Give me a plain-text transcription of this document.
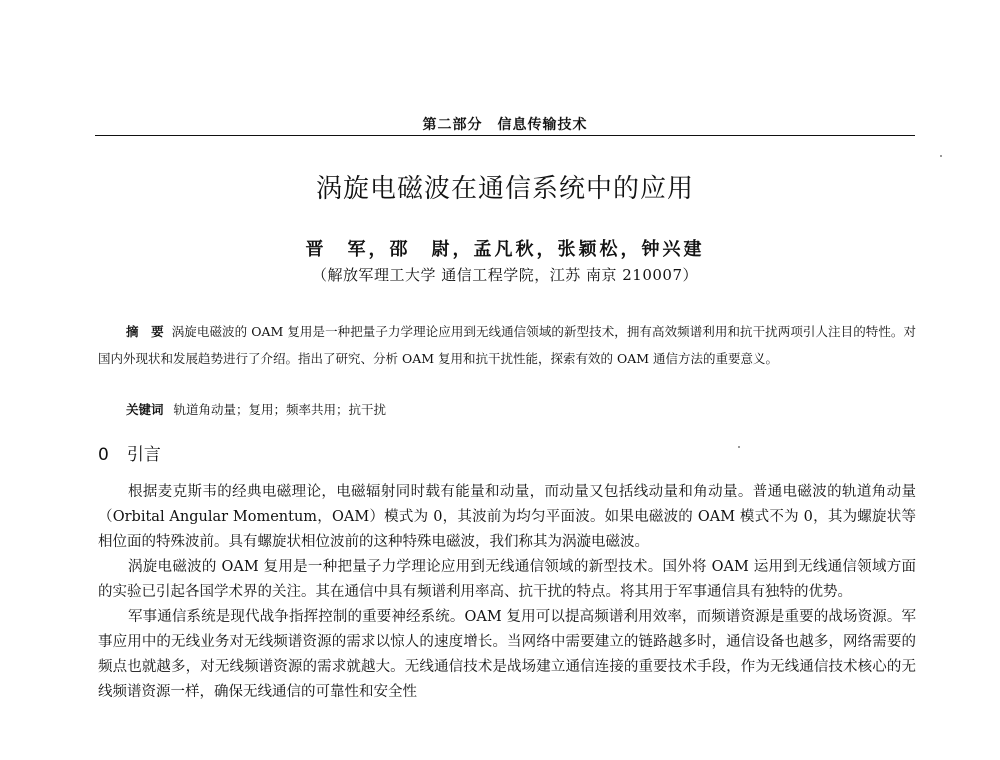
第二部分　信息传输技术
涡旋电磁波在通信系统中的应用
晋　军，邵　尉，孟凡秋，张颖松，钟兴建
（解放军理工大学 通信工程学院，江苏 南京 210007）
摘　要 涡旋电磁波的 OAM 复用是一种把量子力学理论应用到无线通信领域的新型技术，拥有高效频谱利用和抗干扰两项引人注目的特性。对国内外现状和发展趋势进行了介绍。指出了研究、分析 OAM 复用和抗干扰性能，探索有效的 OAM 通信方法的重要意义。
关键词 轨道角动量；复用；频率共用；抗干扰
0 引言

根据麦克斯韦的经典电磁理论，电磁辐射同时载有能量和动量，而动量又包括线动量和角动量。普通电磁波的轨道角动量（Orbital Angular Momentum，OAM）模式为 0，其波前为均匀平面波。如果电磁波的 OAM 模式不为 0，其为螺旋状等相位面的特殊波前。具有螺旋状相位波前的这种特殊电磁波，我们称其为涡漩电磁波。

涡旋电磁波的 OAM 复用是一种把量子力学理论应用到无线通信领域的新型技术。国外将 OAM 运用到无线通信领域方面的实验已引起各国学术界的关注。其在通信中具有频谱利用率高、抗干扰的特点。将其用于军事通信具有独特的优势。

军事通信系统是现代战争指挥控制的重要神经系统。OAM 复用可以提高频谱利用效率，而频谱资源是重要的战场资源。军事应用中的无线业务对无线频谱资源的需求以惊人的速度增长。当网络中需要建立的链路越多时，通信设备也越多，网络需要的频点也就越多，对无线频谱资源的需求就越大。无线通信技术是战场建立通信连接的重要技术手段，作为无线通信技术核心的无线频谱资源一样，确保无线通信的可靠性和安全性
